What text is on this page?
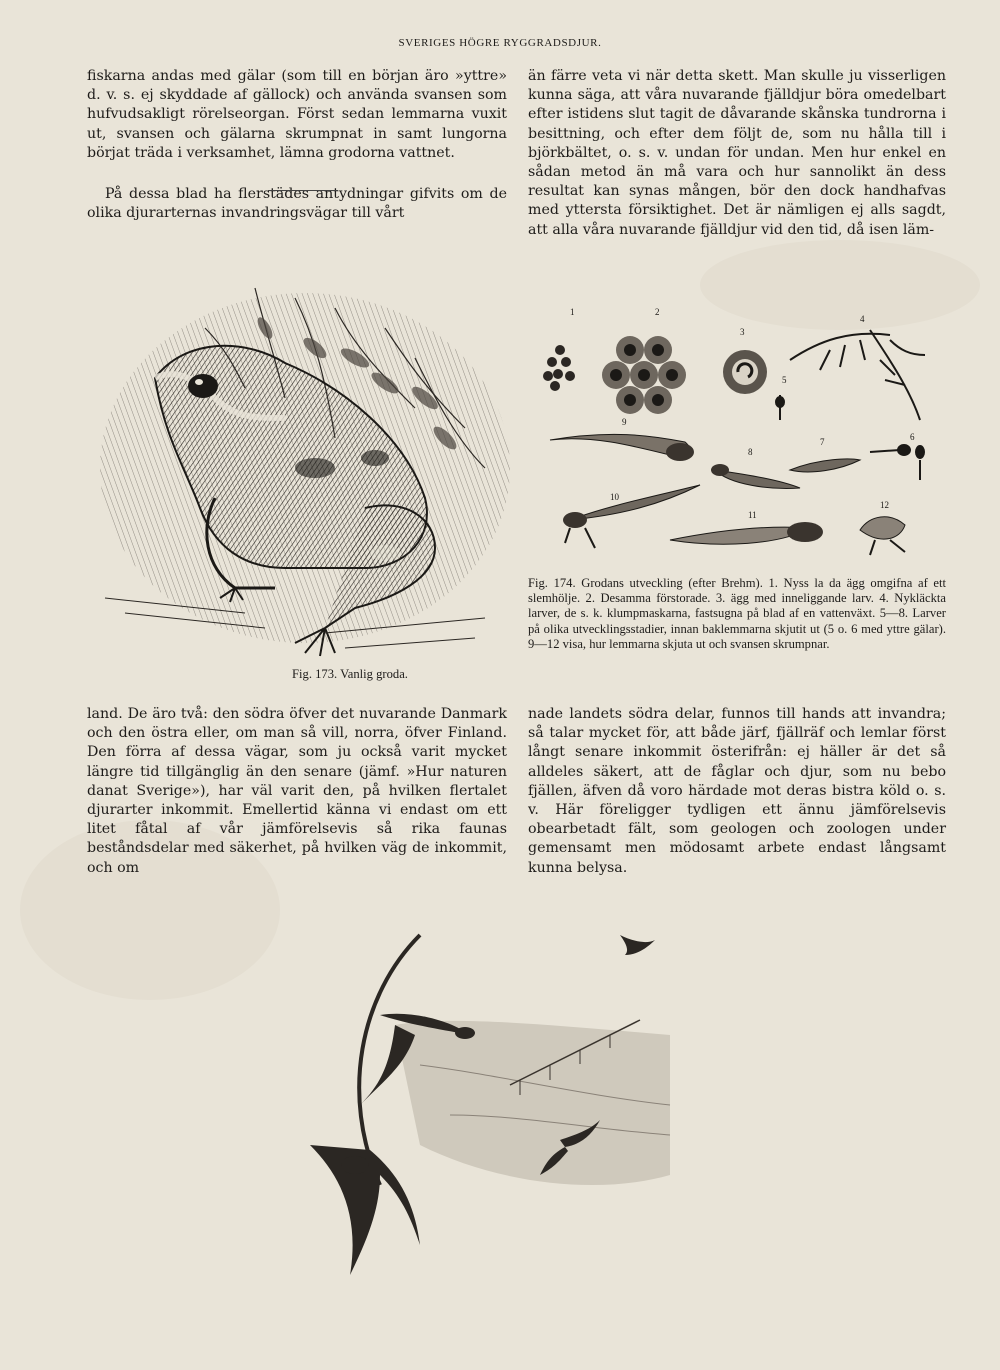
SVERIGES HÖGRE RYGGRADSDJUR.

fiskarna andas med gälar (som till en början äro »yttre» d. v. s. ej skyddade af gällock) och använda svansen som hufvudsakligt rörelseorgan. Först sedan lemmarna vuxit ut, svansen och gälarna skrumpnat in samt lungorna börjat träda i verksamhet, lämna grodorna vattnet.

På dessa blad ha flerstädes antydningar gifvits om de olika djurarternas invandringsvägar till vårt

än färre veta vi när detta skett. Man skulle ju visserligen kunna säga, att våra nuvarande fjälldjur böra omedelbart efter istidens slut tagit de dåvarande skånska tundrorna i besittning, och efter dem följt de, som nu hålla till i björkbältet, o. s. v. undan för undan. Men hur enkel en sådan metod än må vara och hur sannolikt än dess resultat kan synas mången, bör den dock handhafvas med yttersta försiktighet. Det är nämligen ej alls sagdt, att alla våra nuvarande fjälldjur vid den tid, då isen läm-

Fig. 173. Vanlig groda.
1	2
3
4
5
6
7
8
9
10
11
12
Fig. 174. Grodans utveckling (efter Brehm). 1. Nyss la da ägg omgifna af ett slemhölje. 2. Desamma förstorade. 3. ägg med inneliggande larv. 4. Nykläckta larver, de s. k. klumpmaskarna, fastsugna på blad af en vattenväxt. 5—8. Larver på olika utvecklingsstadier, innan baklemmarna skjutit ut (5 o. 6 med yttre gälar). 9—12 visa, hur lemmarna skjuta ut och svansen skrumpnar.

land. De äro två: den södra öfver det nuvarande Danmark och den östra eller, om man så vill, norra, öfver Finland. Den förra af dessa vägar, som ju också varit mycket längre tid tillgänglig än den senare (jämf. »Hur naturen danat Sverige»), har väl varit den, på hvilken flertalet djurarter inkommit. Emellertid känna vi endast om ett litet fåtal af vår jämförelsevis så rika faunas beståndsdelar med säkerhet, på hvilken väg de inkommit, och om

nade landets södra delar, funnos till hands att invandra; så talar mycket för, att både järf, fjällräf och lemlar först långt senare inkommit österifrån: ej häller är det så alldeles säkert, att de fåglar och djur, som nu bebo fjällen, äfven då voro härdade mot deras bistra köld o. s. v. Här föreligger tydligen ett ännu jämförelsevis obearbetadt fält, som geologen och zoologen under gemensamt men mödosamt arbete endast långsamt kunna belysa.
